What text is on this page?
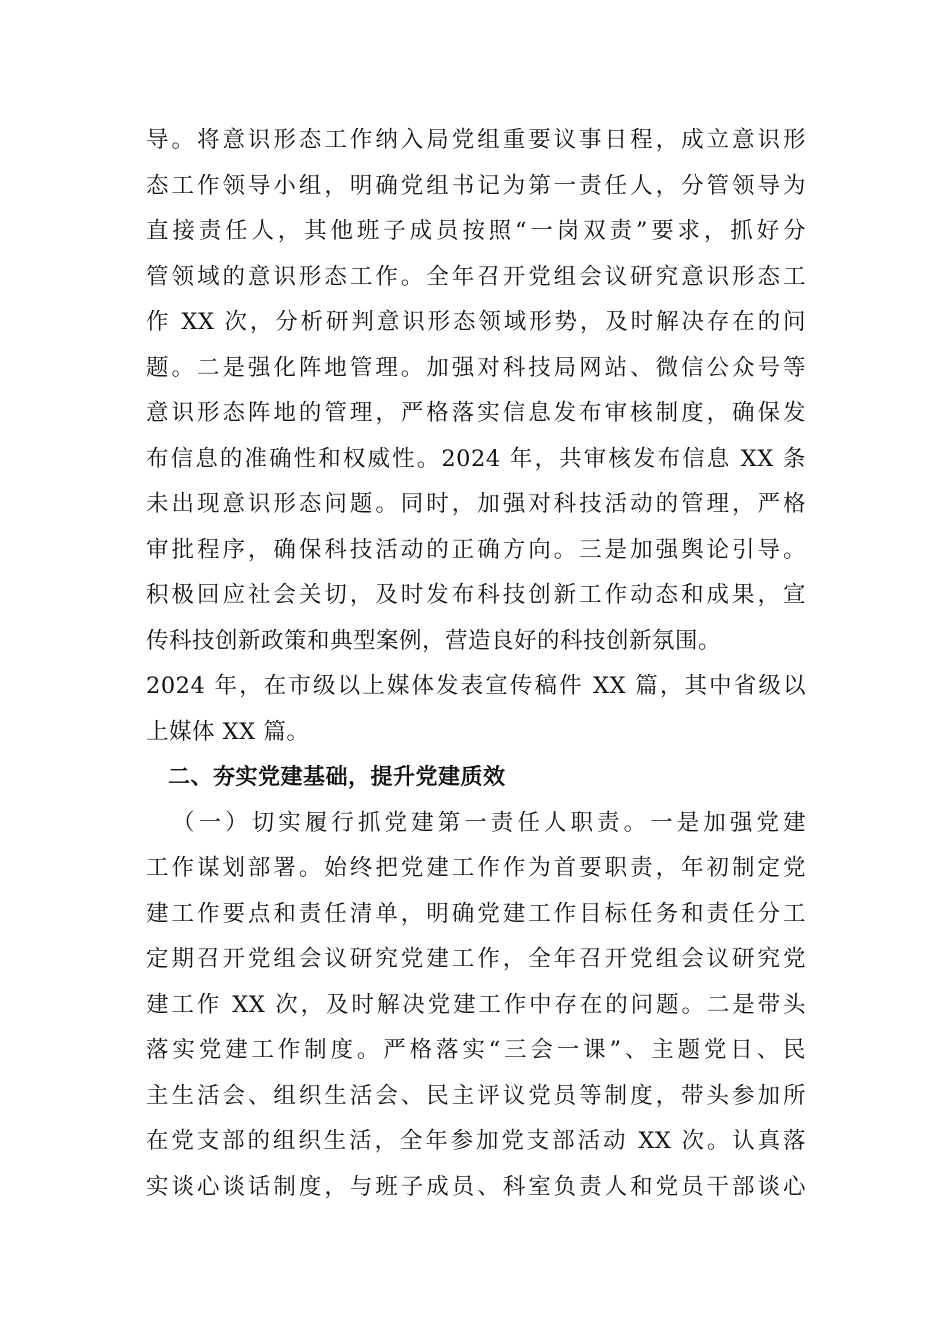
导。将意识形态工作纳入局党组重要议事日程，成立意识形
态工作领导小组，明确党组书记为第一责任人，分管领导为
直接责任人，其他班子成员按照“一岗双责”要求，抓好分
管领域的意识形态工作。全年召开党组会议研究意识形态工
作 XX 次，分析研判意识形态领域形势，及时解决存在的问
题。二是强化阵地管理。加强对科技局网站、微信公众号等
意识形态阵地的管理，严格落实信息发布审核制度，确保发
布信息的准确性和权威性。2024 年，共审核发布信息 XX 条
未出现意识形态问题。同时，加强对科技活动的管理，严格
审批程序，确保科技活动的正确方向。三是加强舆论引导。
积极回应社会关切，及时发布科技创新工作动态和成果，宣
传科技创新政策和典型案例，营造良好的科技创新氛围。
2024 年，在市级以上媒体发表宣传稿件 XX 篇，其中省级以
上媒体 XX 篇。
二、夯实党建基础，提升党建质效
（一）切实履行抓党建第一责任人职责。一是加强党建
工作谋划部署。始终把党建工作作为首要职责，年初制定党
建工作要点和责任清单，明确党建工作目标任务和责任分工
定期召开党组会议研究党建工作，全年召开党组会议研究党
建工作 XX 次，及时解决党建工作中存在的问题。二是带头
落实党建工作制度。严格落实“三会一课”、主题党日、民
主生活会、组织生活会、民主评议党员等制度，带头参加所
在党支部的组织生活，全年参加党支部活动 XX 次。认真落
实谈心谈话制度，与班子成员、科室负责人和党员干部谈心
